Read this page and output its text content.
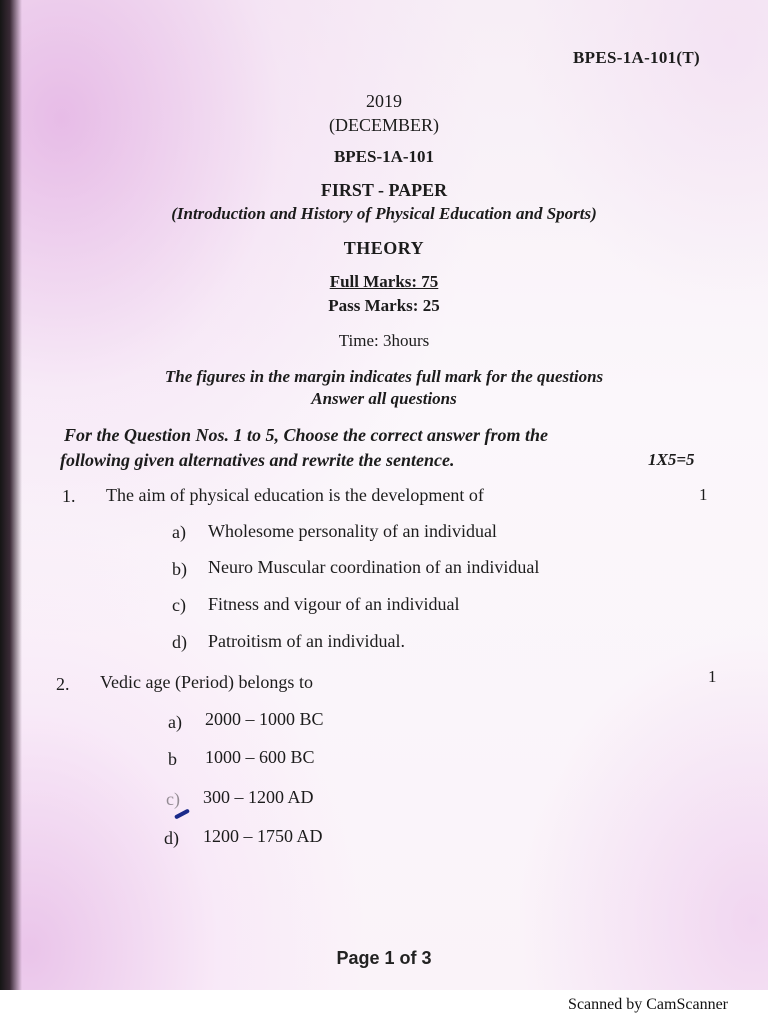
BPES-1A-101(T)
2019
(DECEMBER)
BPES-1A-101
FIRST - PAPER
(Introduction and History of Physical Education and Sports)
THEORY
Full Marks: 75
Pass Marks: 25
Time: 3hours
The figures in the margin indicates full mark for the questions
Answer all questions
For the Question Nos. 1 to 5, Choose the correct answer from the
following given alternatives and rewrite the sentence.	1X5=5
1. The aim of physical education is the development of	1
a) Wholesome personality of an individual
b) Neuro Muscular coordination of an individual
c) Fitness and vigour of an individual
d) Patroitism of an individual.
2. Vedic age (Period) belongs to	1
a) 2000 – 1000 BC
b 1000 – 600 BC
c) 300 – 1200 AD
d) 1200 – 1750 AD
Page 1 of 3
Scanned by CamScanner
